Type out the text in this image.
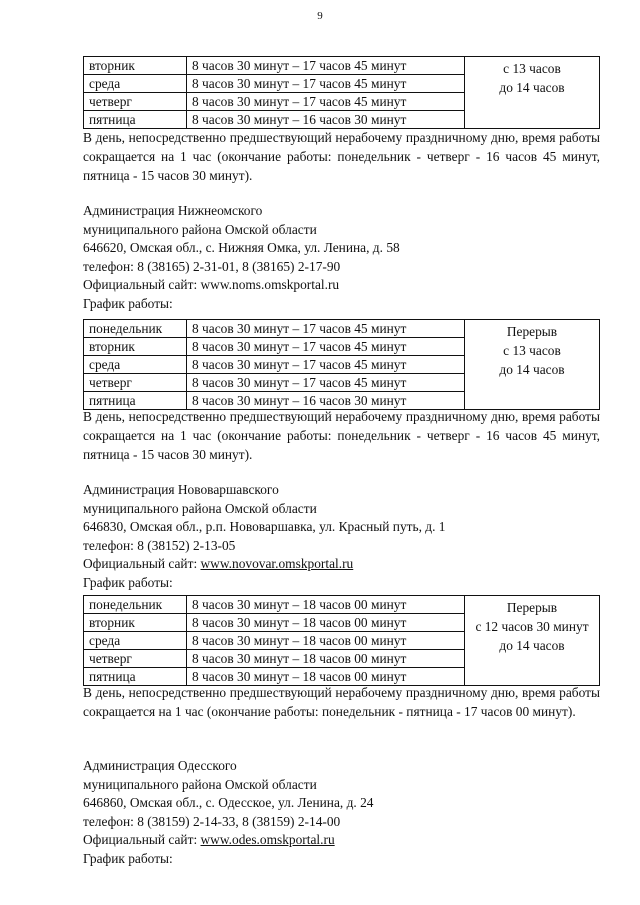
9
вторник	8 часов 30 минут – 17 часов 45 минут	с 13 часов
до 14 часов

среда	8 часов 30 минут – 17 часов 45 минут	
четверг	8 часов 30 минут – 17 часов 45 минут	
пятница	8 часов 30 минут – 16 часов 30 минут	
В день, непосредственно предшествующий нерабочему праздничному дню, время работы сокращается на 1 час (окончание работы: понедельник - четверг - 16 часов 45 минут, пятница - 15 часов 30 минут).
Администрация Нижнеомского
муниципального района Омской области
646620, Омская обл., с. Нижняя Омка, ул. Ленина, д. 58
телефон: 8 (38165) 2-31-01, 8 (38165) 2-17-90
Официальный сайт: www.noms.omskportal.ru
График работы:
понедельник	8 часов 30 минут – 17 часов 45 минут	Перерыв
с 13 часов
до 14 часов

вторник	8 часов 30 минут – 17 часов 45 минут	
среда	8 часов 30 минут – 17 часов 45 минут	
четверг	8 часов 30 минут – 17 часов 45 минут	
пятница	8 часов 30 минут – 16 часов 30 минут	
В день, непосредственно предшествующий нерабочему праздничному дню, время работы сокращается на 1 час (окончание работы: понедельник - четверг - 16 часов 45 минут, пятница - 15 часов 30 минут).
Администрация Нововаршавского
муниципального района Омской области
646830, Омская обл., р.п. Нововаршавка, ул. Красный путь, д. 1
телефон: 8 (38152) 2-13-05
Официальный сайт: www.novovar.omskportal.ru
График работы:
понедельник	8 часов 30 минут – 18 часов 00 минут	Перерыв
с 12 часов 30 минут
до 14 часов

вторник	8 часов 30 минут – 18 часов 00 минут	
среда	8 часов 30 минут – 18 часов 00 минут	
четверг	8 часов 30 минут – 18 часов 00 минут	
пятница	8 часов 30 минут – 18 часов 00 минут	
В день, непосредственно предшествующий нерабочему праздничному дню, время работы сокращается на 1 час (окончание работы: понедельник - пятница - 17 часов 00 минут).
Администрация Одесского
муниципального района Омской области
646860, Омская обл., с. Одесское, ул. Ленина, д. 24
телефон: 8 (38159) 2-14-33, 8 (38159) 2-14-00
Официальный сайт: www.odes.omskportal.ru
График работы:
